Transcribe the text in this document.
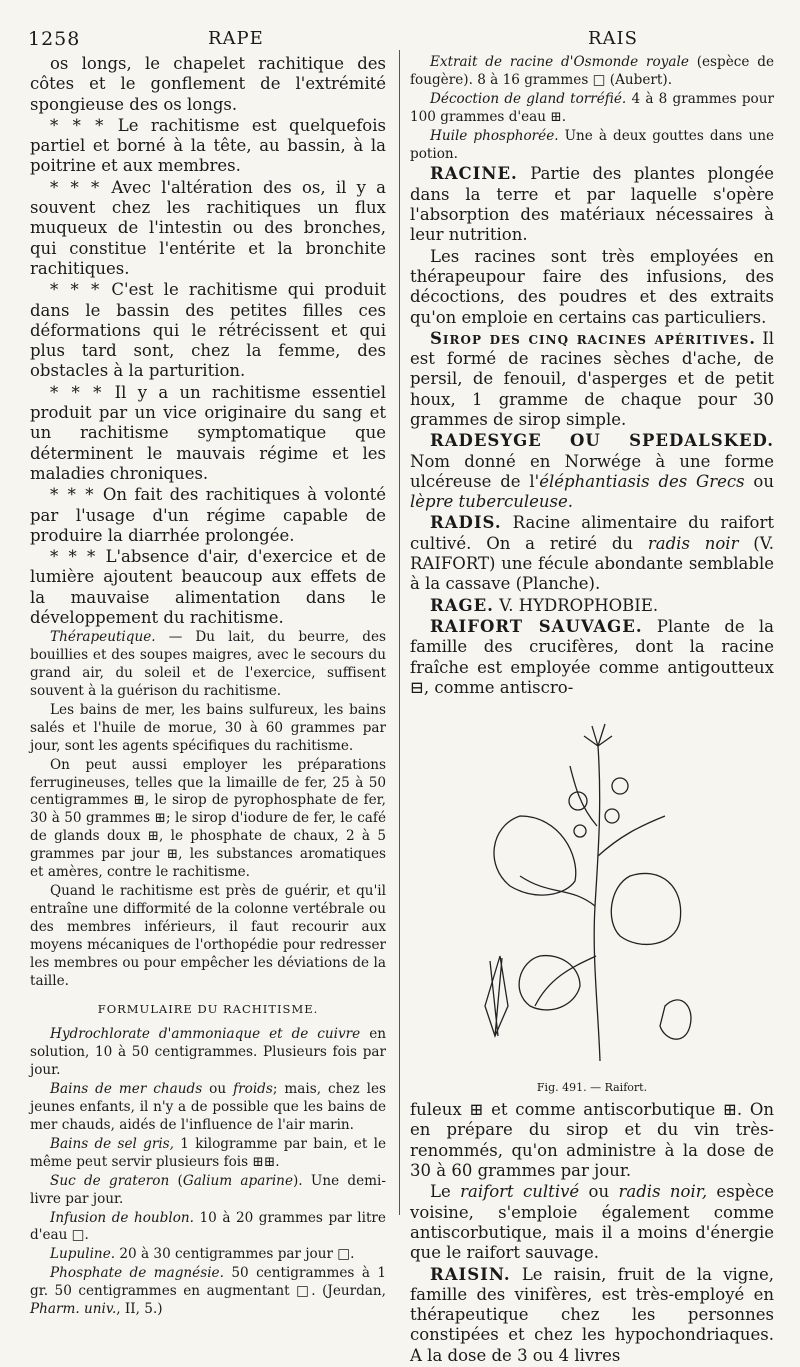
1258	RAPE	RAIS

os longs, le chapelet rachitique des côtes et le gonflement de l'extrémité spongieuse des os longs.

* * * Le rachitisme est quelquefois partiel et borné à la tête, au bassin, à la poitrine et aux membres.

* * * Avec l'altération des os, il y a souvent chez les rachitiques un flux muqueux de l'intestin ou des bronches, qui constitue l'entérite et la bronchite rachitiques.

* * * C'est le rachitisme qui produit dans le bassin des petites filles ces déformations qui le rétrécissent et qui plus tard sont, chez la femme, des obstacles à la parturition.

* * * Il y a un rachitisme essentiel produit par un vice originaire du sang et un rachitisme symptomatique que déterminent le mauvais régime et les maladies chroniques.

* * * On fait des rachitiques à volonté par l'usage d'un régime capable de produire la diarrhée prolongée.

* * * L'absence d'air, d'exercice et de lumière ajoutent beaucoup aux effets de la mauvaise alimentation dans le développement du rachitisme.

Thérapeutique. — Du lait, du beurre, des bouillies et des soupes maigres, avec le secours du grand air, du soleil et de l'exercice, suffisent souvent à la guérison du rachitisme.

Les bains de mer, les bains sulfureux, les bains salés et l'huile de morue, 30 à 60 grammes par jour, sont les agents spécifiques du rachitisme.

On peut aussi employer les préparations ferrugineuses, telles que la limaille de fer, 25 à 50 centigrammes ⊞, le sirop de pyrophosphate de fer, 30 à 50 grammes ⊞; le sirop d'iodure de fer, le café de glands doux ⊞, le phosphate de chaux, 2 à 5 grammes par jour ⊞, les substances aromatiques et amères, contre le rachitisme.

Quand le rachitisme est près de guérir, et qu'il entraîne une difformité de la colonne vertébrale ou des membres inférieurs, il faut recourir aux moyens mécaniques de l'orthopédie pour redresser les membres ou pour empêcher les déviations de la taille.

FORMULAIRE DU RACHITISME.

Hydrochlorate d'ammoniaque et de cuivre en solution, 10 à 50 centigrammes. Plusieurs fois par jour.

Bains de mer chauds ou froids; mais, chez les jeunes enfants, il n'y a de possible que les bains de mer chauds, aidés de l'influence de l'air marin.

Bains de sel gris, 1 kilogramme par bain, et le même peut servir plusieurs fois ⊞⊞.

Suc de grateron (Galium aparine). Une demi-livre par jour.

Infusion de houblon. 10 à 20 grammes par litre d'eau □.

Lupuline. 20 à 30 centigrammes par jour □.

Phosphate de magnésie. 50 centigrammes à 1 gr. 50 centigrammes en augmentant □. (Jeurdan, Pharm. univ., II, 5.)

Extrait de racine d'Osmonde royale (espèce de fougère). 8 à 16 grammes □ (Aubert).

Décoction de gland torréfié. 4 à 8 grammes pour 100 grammes d'eau ⊞.

Huile phosphorée. Une à deux gouttes dans une potion.

RACINE. Partie des plantes plongée dans la terre et par laquelle s'opère l'absorption des matériaux nécessaires à leur nutrition.

Les racines sont très employées en thérapeupour faire des infusions, des décoctions, des poudres et des extraits qu'on emploie en certains cas particuliers.

Sirop des cinq racines apéritives. Il est formé de racines sèches d'ache, de persil, de fenouil, d'asperges et de petit houx, 1 gramme de chaque pour 30 grammes de sirop simple.

RADESYGE OU SPEDALSKED. Nom donné en Norwége à une forme ulcéreuse de l'éléphantiasis des Grecs ou lèpre tuberculeuse.

RADIS. Racine alimentaire du raifort cultivé. On a retiré du radis noir (V. RAIFORT) une fécule abondante semblable à la cassave (Planche).

RAGE. V. HYDROPHOBIE.

RAIFORT SAUVAGE. Plante de la famille des crucifères, dont la racine fraîche est employée comme antigoutteux ⊟, comme antiscro-

Fig. 491. — Raifort.

fuleux ⊞ et comme antiscorbutique ⊞. On en prépare du sirop et du vin très-renommés, qu'on administre à la dose de 30 à 60 grammes par jour.

Le raifort cultivé ou radis noir, espèce voisine, s'emploie également comme antiscorbutique, mais il a moins d'énergie que le raifort sauvage.

RAISIN. Le raisin, fruit de la vigne, famille des vinifères, est très-employé en thérapeutique chez les personnes constipées et chez les hypochondriaques. A la dose de 3 ou 4 livres
